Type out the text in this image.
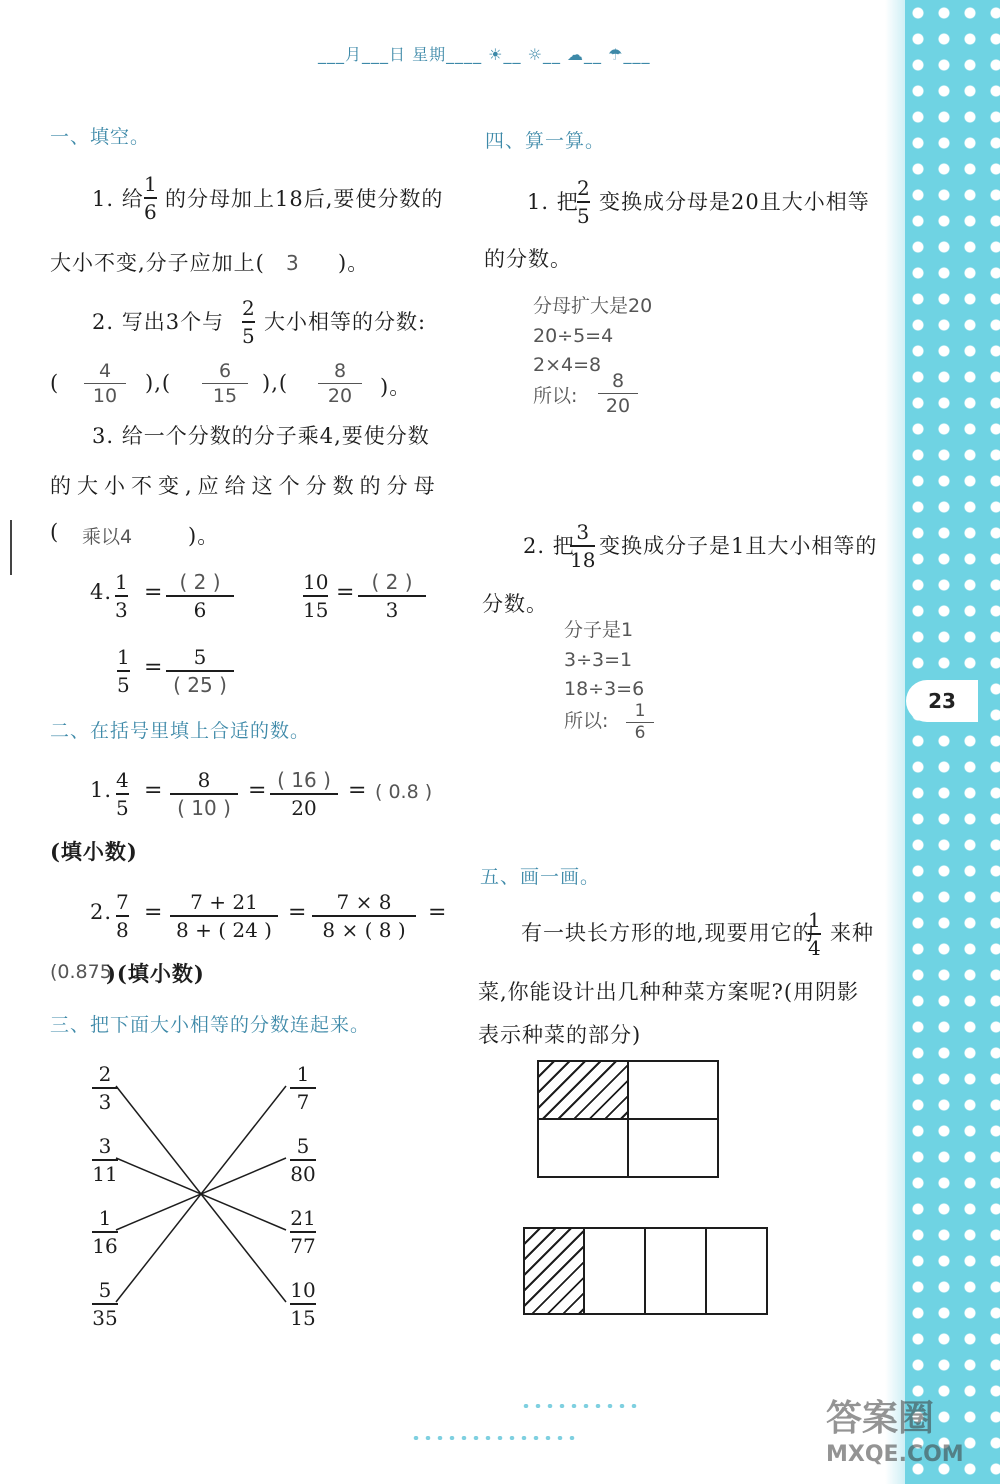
23
___月___日 星期____ ☀__ ☼__ ☁__ ☂___
一、填空。
1. 给
1
6
的分母加上18后,要使分数的
大小不变,分子应加上( 3 )。
2. 写出3个与
2
5
大小相等的分数:
( 4
10
),(	6
15
),( 8
20 )。
3. 给一个分数的分子乘4,要使分数
的大小不变,应给这个分数的分母
( 乘以4	)。
4. 1
3
= ( 2 )
6
10
15
= ( 2 )
3
1
5
= 5
( 25 )
二、在括号里填上合适的数。
1. 4
5
= 8
( 10 )
= ( 16 )
20
= ( 0.8 )
(填小数)
2. 7
8
= 7 + 21
8 + ( 24 )
= 7 × 8
8 × ( 8 )
=
(0.875
)(填小数)
三、把下面大小相等的分数连起来。
2
3
3
11
1
16
5
35
1
7
5
80
21
77
10
15
四、算一算。
1. 把
2
5
变换成分母是20且大小相等
的分数。
分母扩大是20
20÷5=4
2×4=8
所以:
8
20
2. 把
3
18
变换成分子是1且大小相等的
分数。
分子是1
3÷3=1
18÷3=6
所以: 1
6
五、画一画。
有一块长方形的地,现要用它的
1
4
来种
菜,你能设计出几种种菜方案呢?(用阴影
表示种菜的部分)
答案圈
MXQE.COM
